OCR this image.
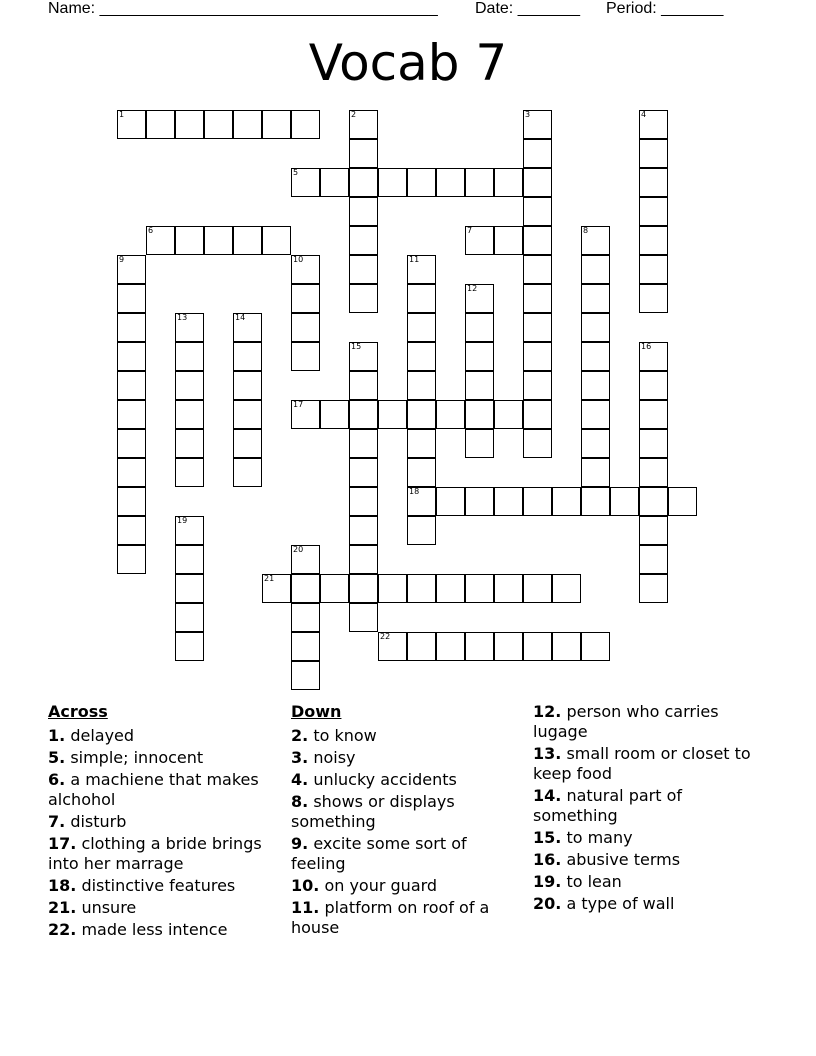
Name: ______________________________________ Date: _______ Period: _______
Vocab 7
1	2	3	4
5
6	7	8
9	10	11
18
12
13	14
15	16
17
19
20
21
22
Across
1. delayed
5. simple; innocent
6. a machiene that makes alchohol
7. disturb
17. clothing a bride brings into her marrage
18. distinctive features
21. unsure
22. made less intence
Down
2. to know
3. noisy
4. unlucky accidents
8. shows or displays something
9. excite some sort of feeling
10. on your guard
11. platform on roof of a house
12. person who carries lugage
13. small room or closet to keep food
14. natural part of something
15. to many
16. abusive terms
19. to lean
20. a type of wall
